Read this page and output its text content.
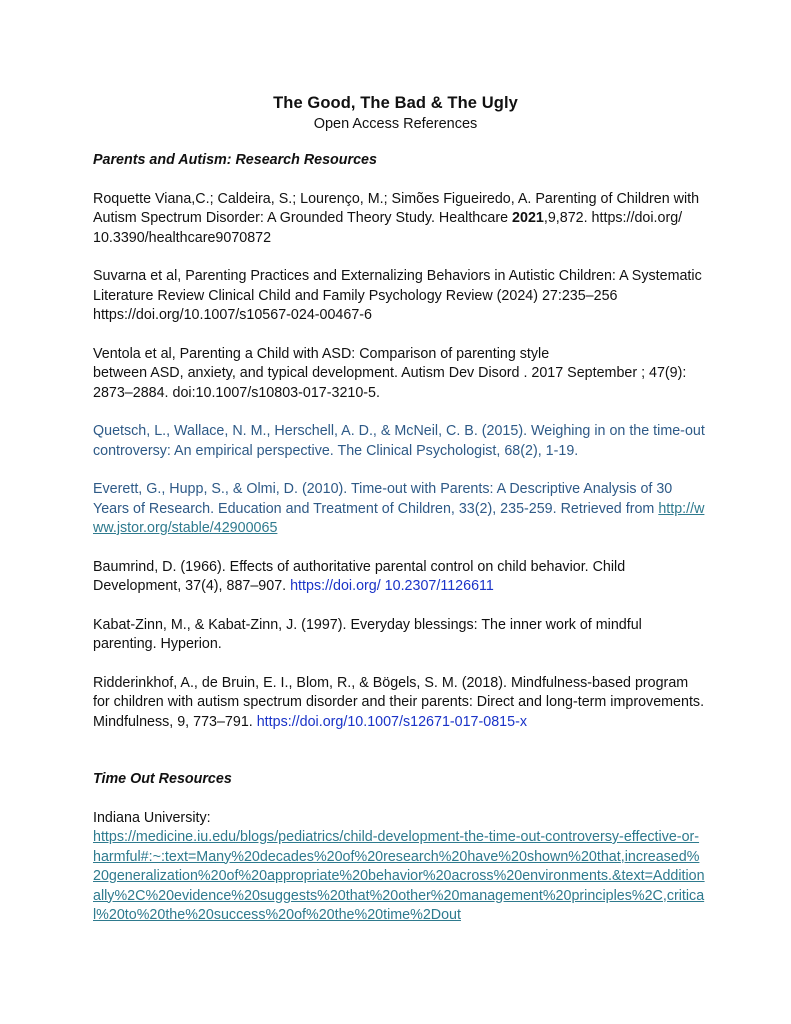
The Good, The Bad & The Ugly
Open Access References

Parents and Autism: Research Resources

Roquette Viana,C.; Caldeira, S.; Lourenço, M.; Simões Figueiredo, A. Parenting of Children with Autism Spectrum Disorder: A Grounded Theory Study. Healthcare 2021,9,872. https://doi.org/ 10.3390/healthcare9070872

Suvarna et al, Parenting Practices and Externalizing Behaviors in Autistic Children: A Systematic Literature Review Clinical Child and Family Psychology Review (2024) 27:235–256 https://doi.org/10.1007/s10567-024-00467-6

Ventola et al, Parenting a Child with ASD: Comparison of parenting style
between ASD, anxiety, and typical development. Autism Dev Disord . 2017 September ; 47(9): 2873–2884. doi:10.1007/s10803-017-3210-5.

Quetsch, L., Wallace, N. M., Herschell, A. D., & McNeil, C. B. (2015). Weighing in on the time-out controversy: An empirical perspective. The Clinical Psychologist, 68(2), 1-19.

Everett, G., Hupp, S., & Olmi, D. (2010). Time-out with Parents: A Descriptive Analysis of 30 Years of Research. Education and Treatment of Children, 33(2), 235-259. Retrieved from http://www.jstor.org/stable/42900065

Baumrind, D. (1966). Effects of authoritative parental control on child behavior. Child Development, 37(4), 887–907. https://doi.org/ 10.2307/1126611

Kabat-Zinn, M., & Kabat-Zinn, J. (1997). Everyday blessings: The inner work of mindful parenting. Hyperion.

Ridderinkhof, A., de Bruin, E. I., Blom, R., & Bögels, S. M. (2018). Mindfulness-based program for children with autism spectrum disorder and their parents: Direct and long-term improvements. Mindfulness, 9, 773–791. https://doi.org/10.1007/s12671-017-0815-x

Time Out Resources

Indiana University:

https://medicine.iu.edu/blogs/pediatrics/child-development-the-time-out-controversy-effective-or-harmful#:~:text=Many%20decades%20of%20research%20have%20shown%20that,increased%20generalization%20of%20appropriate%20behavior%20across%20environments.&text=Additionally%2C%20evidence%20suggests%20that%20other%20management%20principles%2C,critical%20to%20the%20success%20of%20the%20time%2Dout
